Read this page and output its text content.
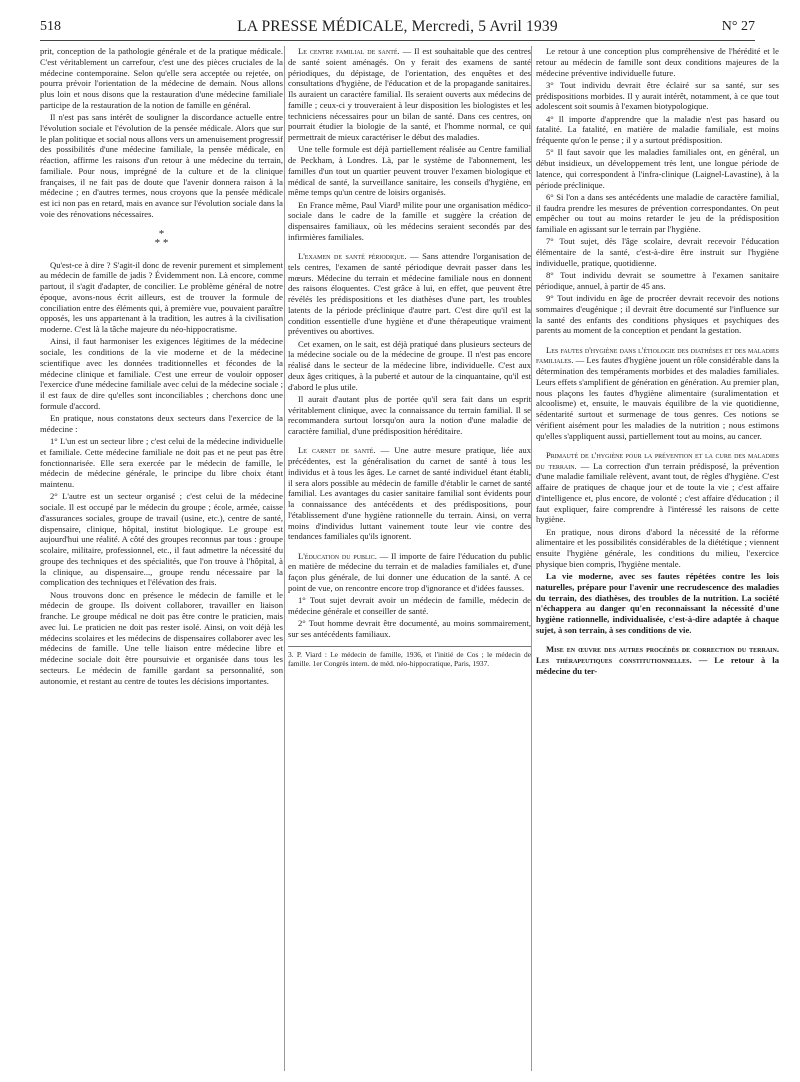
518	LA PRESSE MÉDICALE, Mercredi, 5 Avril 1939	N° 27

prit, conception de la pathologie générale et de la pratique médicale. C'est véritablement un carrefour, c'est une des pièces cruciales de la médecine contemporaine. Selon qu'elle sera acceptée ou rejetée, on pourra prévoir l'orientation de la médecine de demain. Nous allons plus loin et nous disons que la restauration d'une médecine familiale participe de la restauration de la notion de famille en général.

Il n'est pas sans intérêt de souligner la discordance actuelle entre l'évolution sociale et l'évolution de la pensée médicale. Alors que sur le plan politique et social nous allons vers un amenuisement progressif des possibilités d'une médecine familiale, la pensée médicale, en réaction, affirme les raisons d'un retour à une médecine du terrain, familiale. Pour nous, imprégné de la culture et de la clinique françaises, il ne fait pas de doute que l'avenir donnera raison à la médecine ; en d'autres termes, nous croyons que la pensée médicale est ici non pas en retard, mais en avance sur l'évolution sociale dans la voie des rénovations nécessaires.

*
* *

Qu'est-ce à dire ? S'agit-il donc de revenir purement et simplement au médecin de famille de jadis ? Évidemment non. Là encore, comme partout, il s'agit d'adapter, de concilier. Le problème général de notre époque, avons-nous écrit ailleurs, est de trouver la formule de conciliation entre des éléments qui, à première vue, pouvaient paraître opposés, les uns appartenant à la tradition, les autres à la civilisation moderne. C'est là la tâche majeure du néo-hippocratisme.

Ainsi, il faut harmoniser les exigences légitimes de la médecine sociale, les conditions de la vie moderne et de la médecine scientifique avec les données traditionnelles et fécondes de la médecine clinique et familiale. C'est une erreur de vouloir opposer l'exercice d'une médecine familiale avec celui de la médecine sociale ; il est faux de dire qu'elles sont inconciliables ; cherchons donc une formule d'accord.

En pratique, nous constatons deux secteurs dans l'exercice de la médecine :

1° L'un est un secteur libre ; c'est celui de la médecine individuelle et familiale. Cette médecine familiale ne doit pas et ne peut pas être fonctionnarisée. Elle sera exercée par le médecin de famille, le médecin de médecine générale, le principe du libre choix étant maintenu.

2° L'autre est un secteur organisé ; c'est celui de la médecine sociale. Il est occupé par le médecin du groupe ; école, armée, caisse d'assurances sociales, groupe de travail (usine, etc.), centre de santé, dispensaire, clinique, hôpital, institut biologique. Le groupe est aujourd'hui une réalité. A côté des groupes reconnus par tous : groupe scolaire, militaire, professionnel, etc., il faut admettre la nécessité du groupe des techniques et des spécialités, que l'on trouve à l'hôpital, à la clinique, au dispensaire..., groupe rendu nécessaire par la complication des techniques et l'élévation des frais.

Nous trouvons donc en présence le médecin de famille et le médecin de groupe. Ils doivent collaborer, travailler en liaison franche. Le groupe médical ne doit pas être contre le praticien, mais avec lui. Le praticien ne doit pas rester isolé. Ainsi, on voit déjà les médecins scolaires et les médecins de dispensaires collaborer avec les médecins de famille. Une telle liaison entre médecine libre et médecine sociale doit être poursuivie et organisée dans tous les secteurs. Le médecin de famille gardant sa personnalité, son autonomie, et restant au centre de toutes les décisions importantes.

Le centre familial de santé. — Il est souhaitable que des centres de santé soient aménagés. On y ferait des examens de santé périodiques, du dépistage, de l'orientation, des enquêtes et des consultations d'hygiène, de l'éducation et de la propagande sanitaires. Ils auraient un caractère familial. Ils seraient ouverts aux médecins de famille ; ceux-ci y trouveraient à leur disposition les biologistes et les techniciens nécessaires pour un bilan de santé. Dans ces centres, on pourrait étudier la biologie de la santé, et l'homme normal, ce qui permettrait de mieux caractériser le début des maladies.

Une telle formule est déjà partiellement réalisée au Centre familial de Peckham, à Londres. Là, par le système de l'abonnement, les familles d'un tout un quartier peuvent trouver l'examen biologique et médical de santé, la surveillance sanitaire, les conseils d'hygiène, en même temps qu'un centre de loisirs organisés.

En France même, Paul Viard³ milite pour une organisation médico-sociale dans le cadre de la famille et suggère la création de dispensaires familiaux, où les médecins seraient secondés par des infirmières familiales.

L'examen de santé périodique. — Sans attendre l'organisation de tels centres, l'examen de santé périodique devrait passer dans les mœurs. Médecine du terrain et médecine familiale nous en donnent des raisons éloquentes. C'est grâce à lui, en effet, que peuvent être révélés les prédispositions et les diathèses d'une part, les troubles latents de la période préclinique d'autre part. C'est dire qu'il est la condition essentielle d'une hygiène et d'une thérapeutique vraiment préventives ou abortives.

Cet examen, on le sait, est déjà pratiqué dans plusieurs secteurs de la médecine sociale ou de la médecine de groupe. Il n'est pas encore réalisé dans le secteur de la médecine libre, individuelle. C'est aux deux âges critiques, à la puberté et autour de la cinquantaine, qu'il est d'abord le plus utile.

Il aurait d'autant plus de portée qu'il sera fait dans un esprit véritablement clinique, avec la connaissance du terrain familial. Il se recommandera surtout lorsqu'on aura la notion d'une maladie de caractère familial, d'une prédisposition héréditaire.

Le carnet de santé. — Une autre mesure pratique, liée aux précédentes, est la généralisation du carnet de santé à tous les individus et à tous les âges. Le carnet de santé individuel étant établi, il sera alors possible au médecin de famille d'établir le carnet de santé familial. Les avantages du casier sanitaire familial sont évidents pour la connaissance des antécédents et des prédispositions, pour l'établissement d'une hygiène rationnelle du terrain. Ainsi, on verra moins d'individus luttant vainement toute leur vie contre des tendances familiales qu'ils ignorent.

L'éducation du public. — Il importe de faire l'éducation du public en matière de médecine du terrain et de maladies familiales et, d'une façon plus générale, de lui donner une éducation de la santé. A ce point de vue, on rencontre encore trop d'ignorance et d'idées fausses.

1° Tout sujet devrait avoir un médecin de famille, médecin de médecine générale et conseiller de santé.

2° Tout homme devrait être documenté, au moins sommairement, sur ses antécédents familiaux.

3. P. Viard : Le médecin de famille, 1936, et l'initié de Cos ; le médecin de famille. 1er Congrès intern. de méd. néo-hippocratique, Paris, 1937.

Le retour à une conception plus compréhensive de l'hérédité et le retour au médecin de famille sont deux conditions majeures de la médecine préventive individuelle future.

3° Tout individu devrait être éclairé sur sa santé, sur ses prédispositions morbides. Il y aurait intérêt, notamment, à ce que tout adolescent soit soumis à l'examen biotypologique.

4° Il importe d'apprendre que la maladie n'est pas hasard ou fatalité. La fatalité, en matière de maladie familiale, est moins fréquente qu'on le pense ; il y a surtout prédisposition.

5° Il faut savoir que les maladies familiales ont, en général, un début insidieux, un développement très lent, une longue période de latence, qui correspondent à l'infra-clinique (Laignel-Lavastine), à la période préclinique.

6° Si l'on a dans ses antécédents une maladie de caractère familial, il faudra prendre les mesures de prévention correspondantes. On peut empêcher ou tout au moins retarder le jeu de la prédisposition familiale en agissant sur le terrain par l'hygiène.

7° Tout sujet, dès l'âge scolaire, devrait recevoir l'éducation élémentaire de la santé, c'est-à-dire être instruit sur l'hygiène individuelle, pratique, quotidienne.

8° Tout individu devrait se soumettre à l'examen sanitaire périodique, annuel, à partir de 45 ans.

9° Tout individu en âge de procréer devrait recevoir des notions sommaires d'eugénique ; il devrait être documenté sur l'influence sur la santé des enfants des conditions physiques et psychiques des parents au moment de la conception et pendant la gestation.

Les fautes d'hygiène dans l'étiologie des diathèses et des maladies familiales. — Les fautes d'hygiène jouent un rôle considérable dans la détermination des tempéraments morbides et des maladies familiales. Leurs effets s'amplifient de génération en génération. Au premier plan, nous plaçons les fautes d'hygiène alimentaire (suralimentation et alcoolisme) et, ensuite, le mauvais équilibre de la vie quotidienne, sédentarité surtout et surmenage de tous genres. Ces notions se vérifient aisément pour les maladies de la nutrition ; nous estimons qu'elles s'appliquent aussi, partiellement tout au moins, au cancer.

Primauté de l'hygiène pour la prévention et la cure des maladies du terrain. — La correction d'un terrain prédisposé, la prévention d'une maladie familiale relèvent, avant tout, de règles d'hygiène. C'est affaire de pratiques de chaque jour et de toute la vie ; c'est affaire d'intelligence et, plus encore, de volonté ; c'est affaire d'éducation ; il faut expliquer, faire comprendre à l'intéressé les raisons de cette hygiène.

En pratique, nous dirons d'abord la nécessité de la réforme alimentaire et les possibilités considérables de la diététique ; viennent ensuite l'hygiène générale, les conditions du milieu, l'exercice physique bien compris, l'hygiène mentale.

La vie moderne, avec ses fautes répétées contre les lois naturelles, prépare pour l'avenir une recrudescence des maladies du terrain, des diathèses, des troubles de la nutrition. La société n'échappera au danger qu'en reconnaissant la nécessité d'une hygiène rationnelle, individualisée, c'est-à-dire adaptée à chaque sujet, à son terrain, à ses conditions de vie.

Mise en œuvre des autres procédés de correction du terrain. Les thérapeutiques constitutionnelles. — Le retour à la médecine du ter-
